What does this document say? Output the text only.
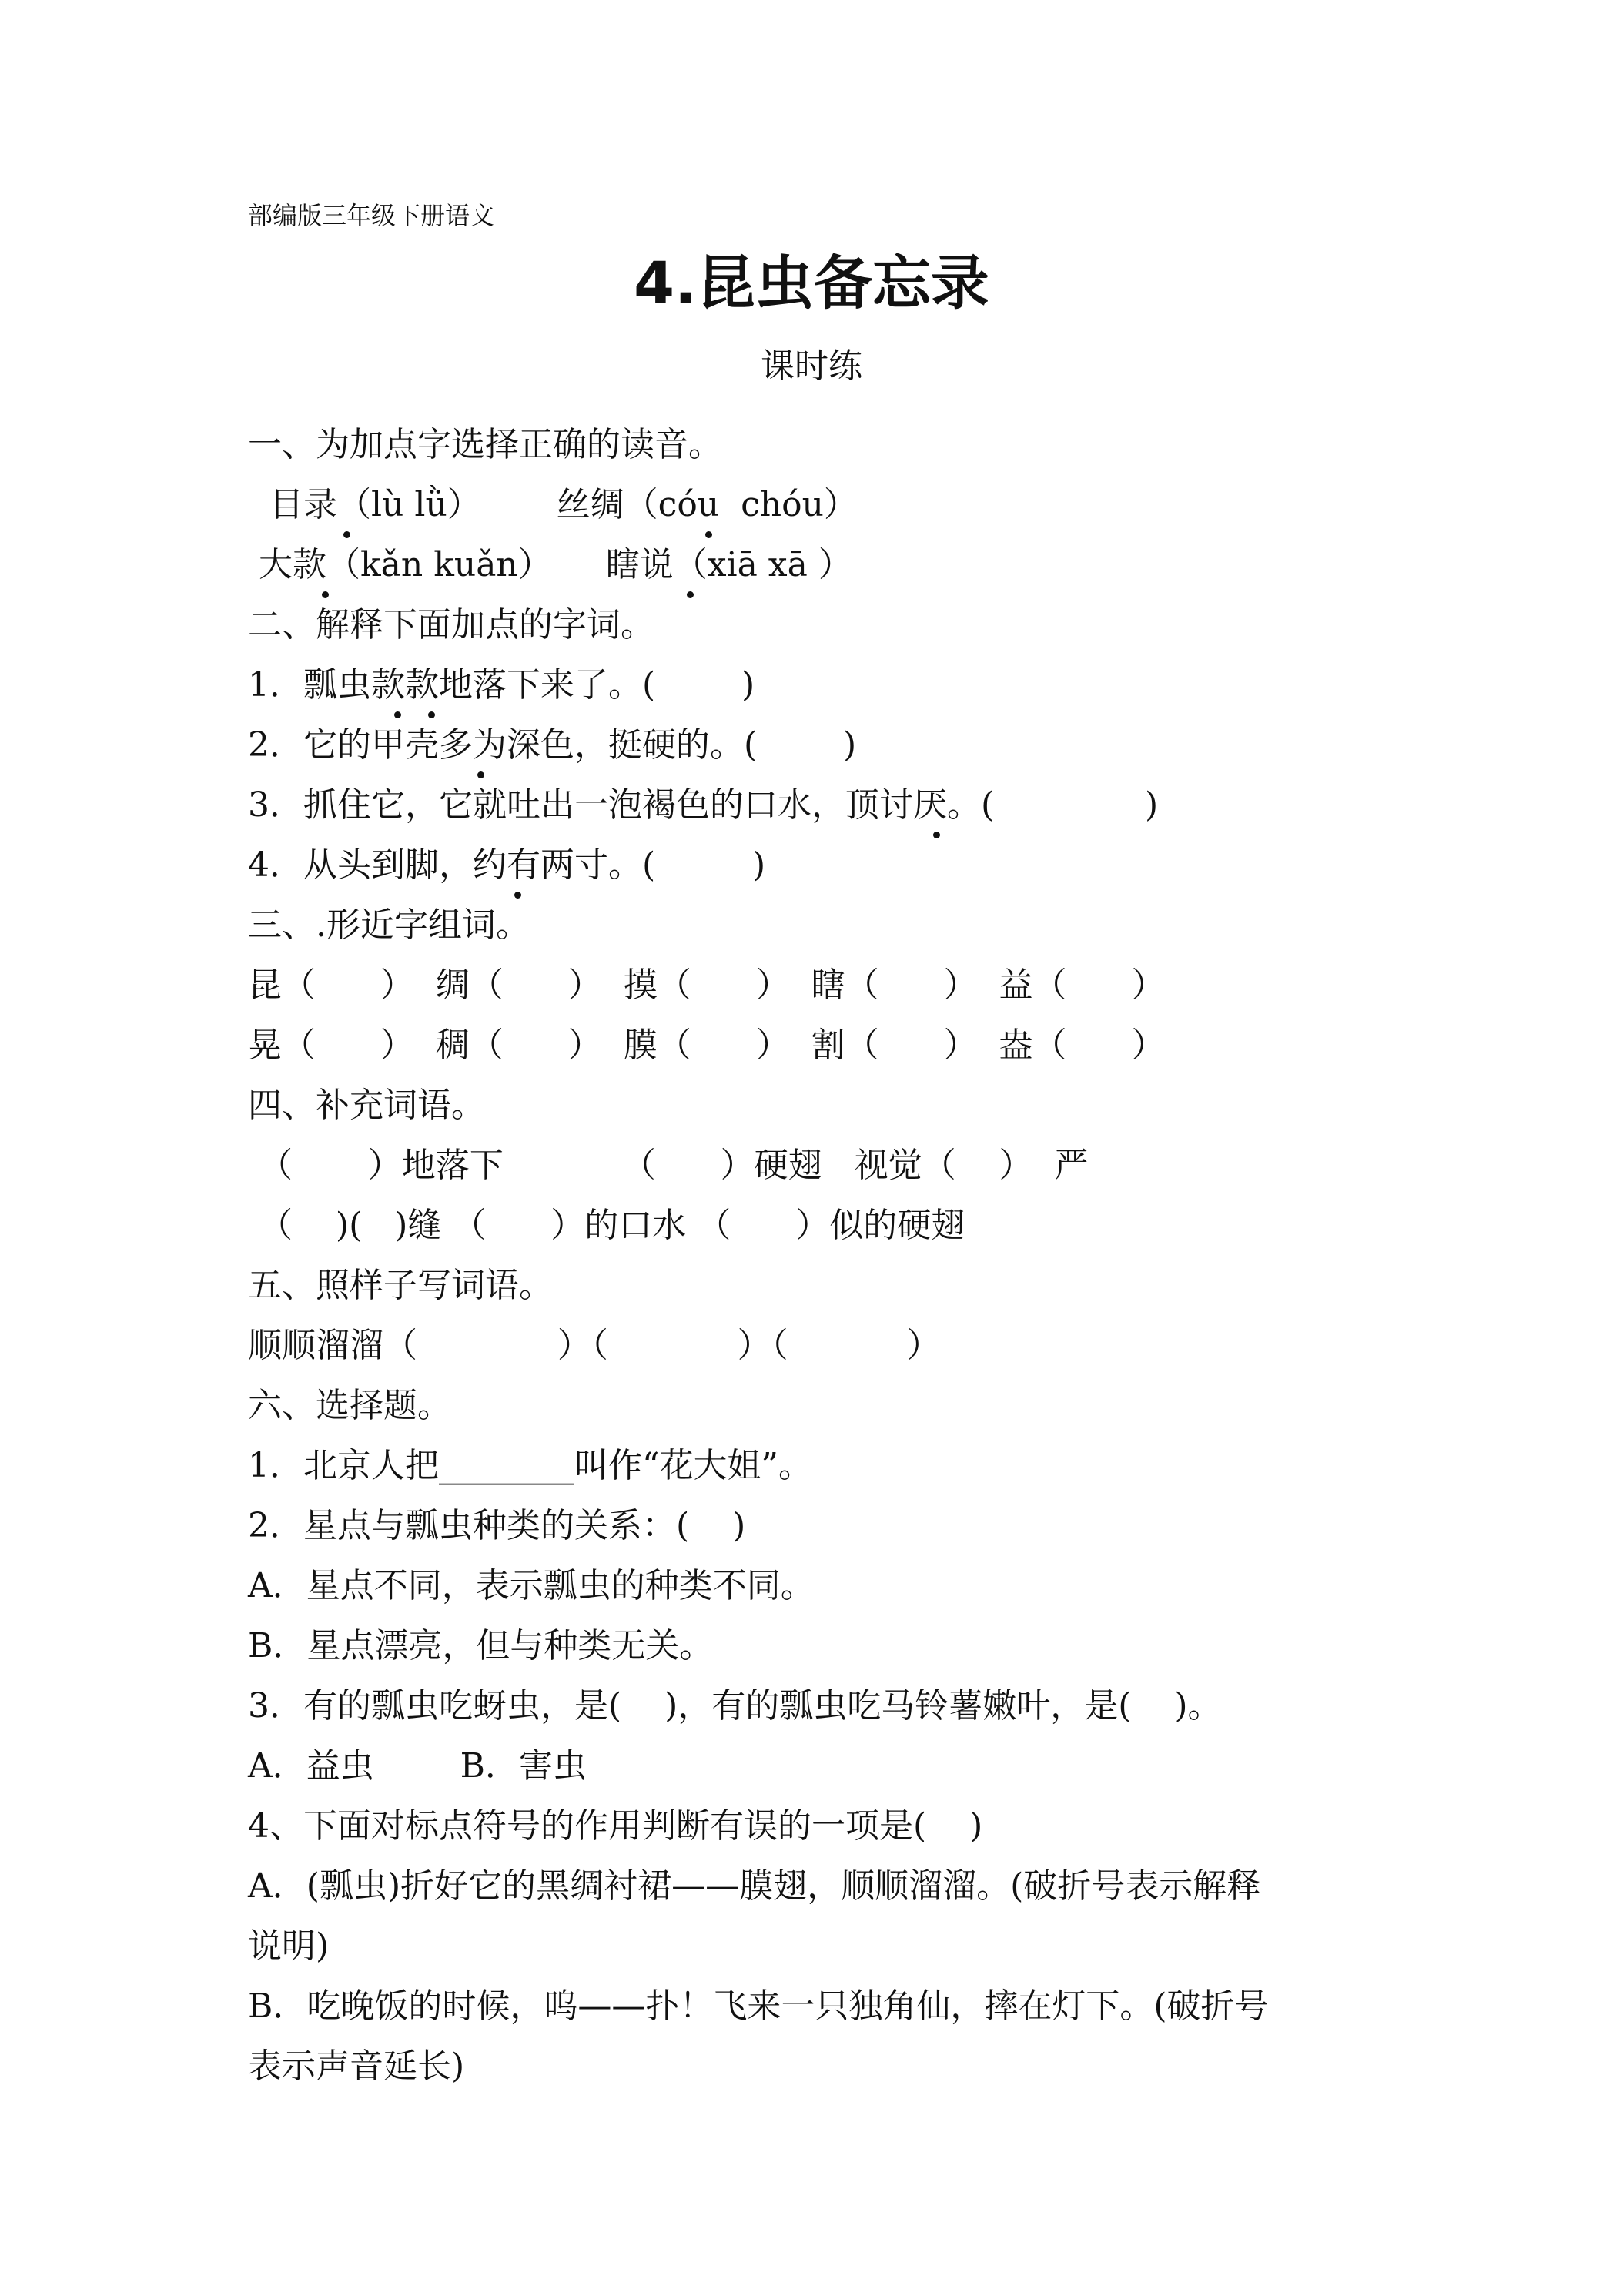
部编版三年级下册语文
4.昆虫备忘录
课时练
一、为加点字选择正确的读音。
目录（lù lǜ）       丝绸（cóu  chóu）
大款（kǎn kuǎn）     瞎说（xiā xā ）
二、解释下面加点的字词。
1．瓢虫款款地落下来了。(        )
2．它的甲壳多为深色，挺硬的。(        )
3．抓住它，它就吐出一泡褐色的口水，顶讨厌。(              )
4．从头到脚，约有两寸。(         )
三、.形近字组词。
昆（      ）  绸（      ）  摸（      ）  瞎（      ）  益（      ）
晃（      ）  稠（      ）  膜（      ）  割（      ）  盎（      ）
四、补充词语。
（       ）地落下           （      ）硬翅   视觉（    ）  严
（    )(   )缝 （      ）的口水 （      ）似的硬翅
五、照样子写词语。
顺顺溜溜（             ）（            ）（           ）
六、选择题。
1．北京人把________叫作“花大姐”。
2．星点与瓢虫种类的关系：(    )
A．星点不同，表示瓢虫的种类不同。
B．星点漂亮，但与种类无关。
3．有的瓢虫吃蚜虫，是(    )，有的瓢虫吃马铃薯嫩叶，是(    )。
A．益虫        B．害虫
4、下面对标点符号的作用判断有误的一项是(    )
A．(瓢虫)折好它的黑绸衬裙——膜翅，顺顺溜溜。(破折号表示解释
说明)
B．吃晚饭的时候，呜——扑！飞来一只独角仙，摔在灯下。(破折号
表示声音延长)
